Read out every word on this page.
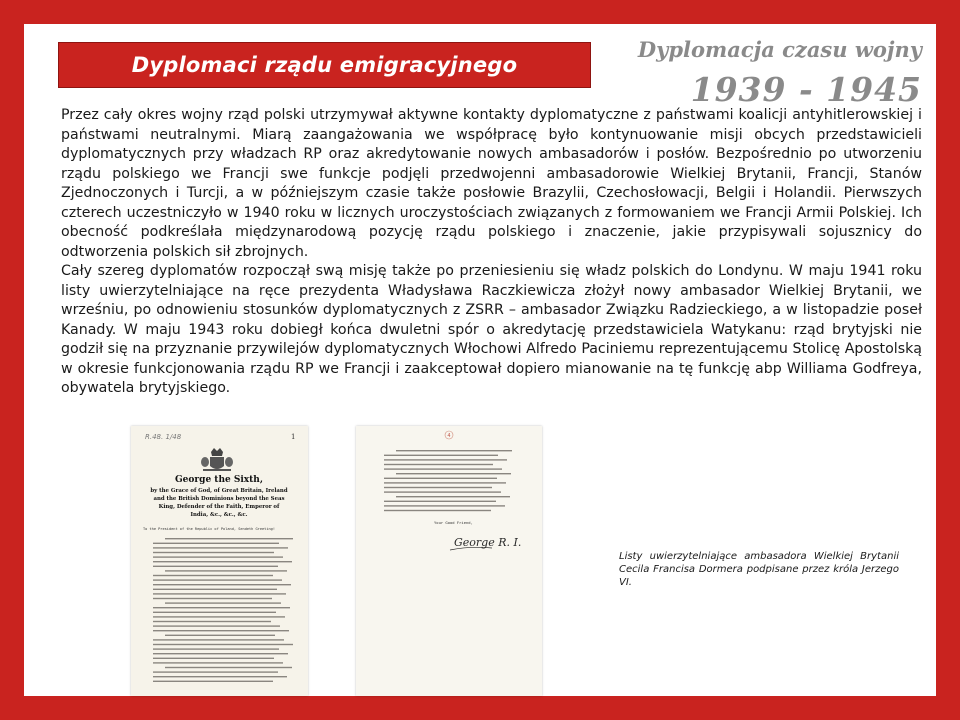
Dyplomaci rządu emigracyjnego
Dyplomacja czasu wojny
1939 - 1945

Przez cały okres wojny rząd polski utrzymywał aktywne kontakty dyplomatyczne z państwami koalicji antyhitlerowskiej i państwami neutralnymi. Miarą zaangażowania we współpracę było kontynuowanie misji obcych przedstawicieli dyplomatycznych przy władzach RP oraz akredytowanie nowych ambasadorów i posłów. Bezpośrednio po utworzeniu rządu polskiego we Francji swe funkcje podjęli przedwojenni ambasadorowie Wielkiej Brytanii, Francji, Stanów Zjednoczonych i Turcji, a w późniejszym czasie także posłowie Brazylii, Czechosłowacji, Belgii i Holandii. Pierwszych czterech uczestniczyło w 1940 roku w licznych uroczystościach związanych z formowaniem we Francji Armii Polskiej. Ich obecność podkreślała międzynarodową pozycję rządu polskiego i znaczenie, jakie przypisywali sojusznicy do odtworzenia polskich sił zbrojnych.

Cały szereg dyplomatów rozpoczął swą misję także po przeniesieniu się władz polskich do Londynu. W maju 1941 roku listy uwierzytelniające na ręce prezydenta Władysława Raczkiewicza złożył nowy ambasador Wielkiej Brytanii, we wrześniu, po odnowieniu stosunków dyplomatycznych z ZSRR – ambasador Związku Radzieckiego, a w listopadzie poseł Kanady. W maju 1943 roku dobiegł końca dwuletni spór o akredytację przedstawiciela Watykanu: rząd brytyjski nie godził się na przyznanie przywilejów dyplomatycznych Włochowi Alfredo Paciniemu reprezentującemu Stolicę Apostolską w okresie funkcjonowania rządu RP we Francji i zaakceptował dopiero mianowanie na tę funkcję abp Williama Godfreya, obywatela brytyjskiego.

R.48. 1/48	1
George the Sixth,
by the Grace of God, of Great Britain, Ireland
and the British Dominions beyond the Seas
King, Defender of the Faith, Emperor of
India, &c., &c., &c.
To the President of the Republic of Poland, Sendeth Greeting!
4
Your Good Friend,
George R. I.
Listy uwierzytelniające ambasadora Wielkiej Brytanii Cecila Francisa Dormera podpisane przez króla Jerzego VI.
